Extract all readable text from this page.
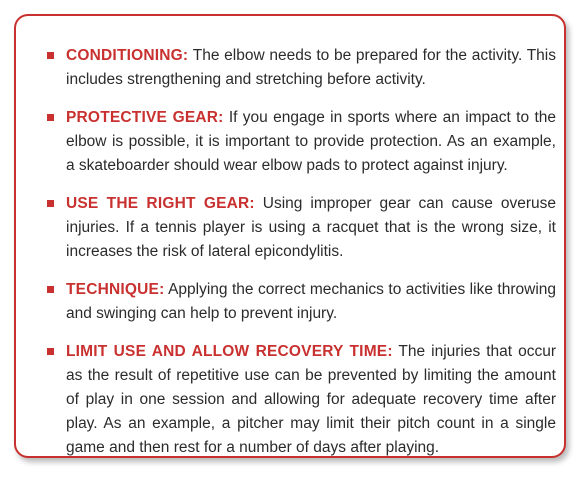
CONDITIONING: The elbow needs to be prepared for the activity. This includes strengthening and stretching before activity.
PROTECTIVE GEAR: If you engage in sports where an impact to the elbow is possible, it is important to provide protection. As an example, a skateboarder should wear elbow pads to protect against injury.
USE THE RIGHT GEAR: Using improper gear can cause overuse injuries. If a tennis player is using a racquet that is the wrong size, it increases the risk of lateral epicondylitis.
TECHNIQUE: Applying the correct mechanics to activities like throwing and swinging can help to prevent injury.
LIMIT USE AND ALLOW RECOVERY TIME: The injuries that occur as the result of repetitive use can be prevented by limiting the amount of play in one session and allowing for adequate recovery time after play. As an example, a pitcher may limit their pitch count in a single game and then rest for a number of days after playing.
